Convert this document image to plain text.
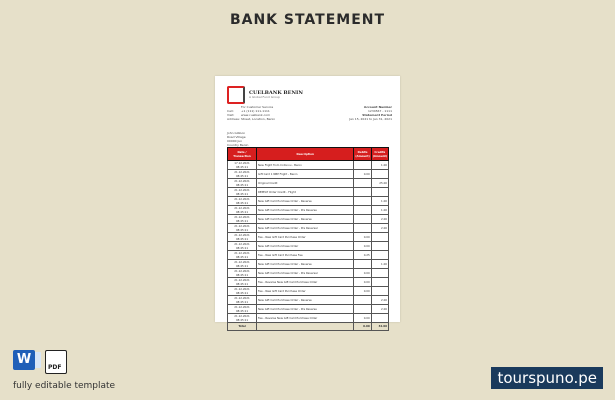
BANK STATEMENT
CUELBANK BENIN
A Global Fund Group
For Customer Service
Call: +1 (111) 111-1111
Visit: www.cuelbank.com
Address:Street, Location, Benin
Account Number
1234567 - 1111
Statement Period
Jan 15, 2021 to Jan 31, 2021
John Gibbon
Road Village
00000 Jun
Country Benin
Date / Transaction	Description	Debits (Amount)	Credits (Amount)
17.12.2021 08:45:11	New Flight from Cotonou - Benin		1.00
21.12.2021 08:45:11	Gift Card 1 NBP Flight - Benin	0.00	
21.12.2021 08:45:11	Original Credit		25.00
21.12.2021 08:45:11	REPEAT Order Credit - Flight		
21.12.2021 08:45:11	New Gift Card Purchase Order - Reverse		1.00
21.12.2021 08:45:11	New Gift Card Purchase Order - Pre Reverse		1.00
21.12.2021 08:45:11	New Gift Card Purchase Order - Reverse		2.00
21.12.2021 08:45:11	New Gift Card Purchase Order - Pre Reversal		2.00
21.12.2021 08:45:11	Fee - New Gift Card Purchase Order	0.00	
21.12.2021 08:45:11	New Gift Card Purchase Order	0.00	
21.12.2021 08:45:11	Fee - New Gift Card Purchase Fee	0.25	
21.12.2021 08:45:11	New Gift Card Purchase Order - Reverse		1.00
21.12.2021 08:45:11	New Gift Card Purchase Order - Pre Reversal	0.00	
21.12.2021 08:45:11	Fee - Reverse New Gift Card Purchase Order	0.00	
21.12.2021 08:45:11	Fee - New Gift Card Purchase Order	0.00	
21.12.2021 08:45:11	New Gift Card Purchase Order - Reverse		2.00
21.12.2021 08:45:11	New Gift Card Purchase Order - Pre Reverse		2.00
21.12.2021 08:45:11	Fee - Reverse New Gift Card Purchase Order	0.00	
Total		0.00	32.00
W
PDF
fully editable template	tourspuno.pe
